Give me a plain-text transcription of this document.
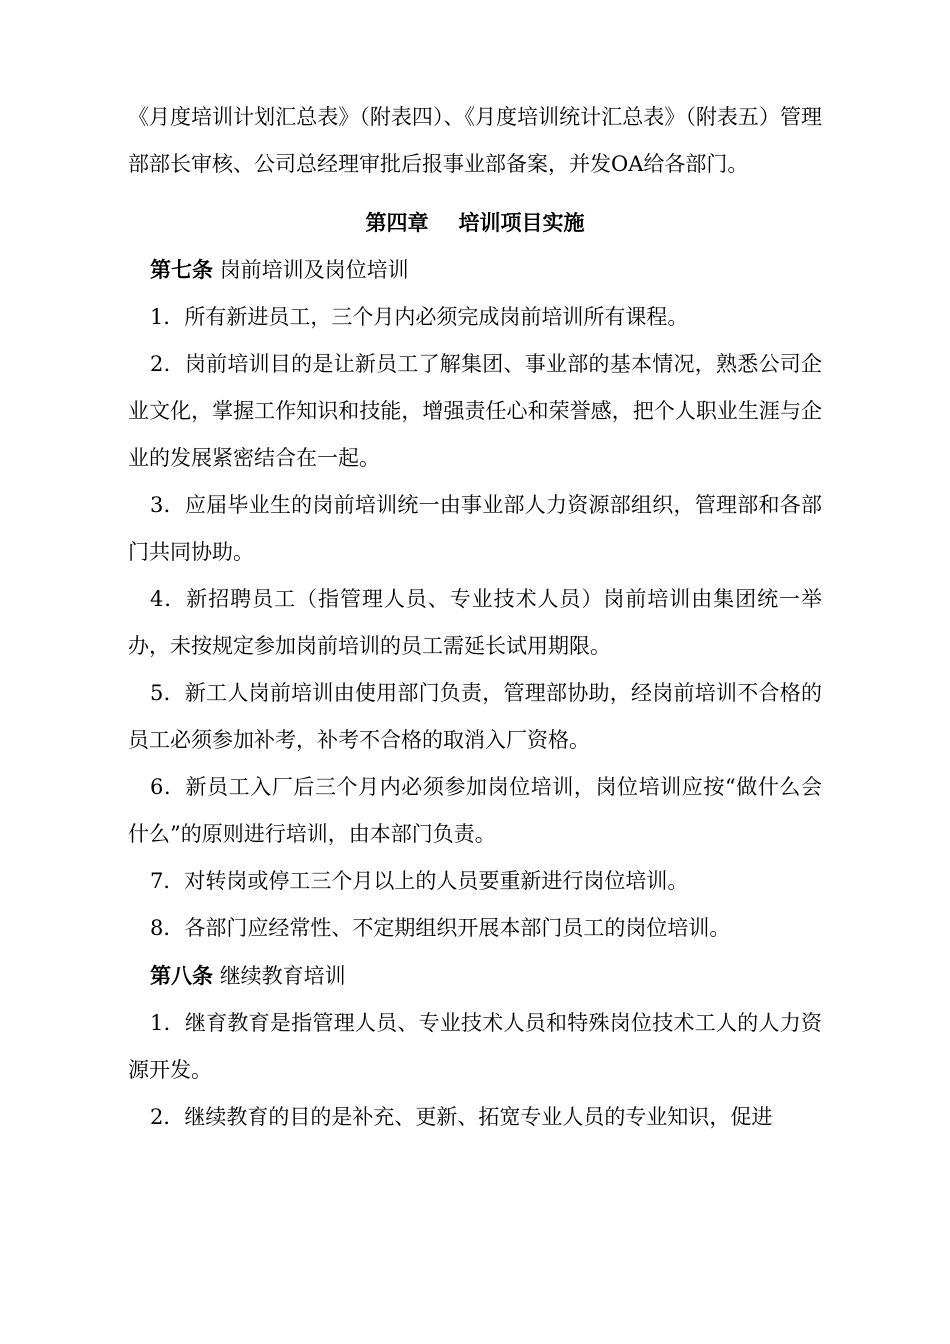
《月度培训计划汇总表》（附表四）、《月度培训统计汇总表》（附表五）管理部部长审核、公司总经理审批后报事业部备案，并发OA给各部门。

第四章 培训项目实施

第七条 岗前培训及岗位培训

1．所有新进员工，三个月内必须完成岗前培训所有课程。

2．岗前培训目的是让新员工了解集团、事业部的基本情况，熟悉公司企业文化，掌握工作知识和技能，增强责任心和荣誉感，把个人职业生涯与企业的发展紧密结合在一起。

3．应届毕业生的岗前培训统一由事业部人力资源部组织，管理部和各部门共同协助。

4．新招聘员工（指管理人员、专业技术人员）岗前培训由集团统一举办，未按规定参加岗前培训的员工需延长试用期限。

5．新工人岗前培训由使用部门负责，管理部协助，经岗前培训不合格的员工必须参加补考，补考不合格的取消入厂资格。

6．新员工入厂后三个月内必须参加岗位培训，岗位培训应按“做什么会什么”的原则进行培训，由本部门负责。

7．对转岗或停工三个月以上的人员要重新进行岗位培训。

8．各部门应经常性、不定期组织开展本部门员工的岗位培训。

第八条 继续教育培训

1．继育教育是指管理人员、专业技术人员和特殊岗位技术工人的人力资源开发。

2．继续教育的目的是补充、更新、拓宽专业人员的专业知识，促进
